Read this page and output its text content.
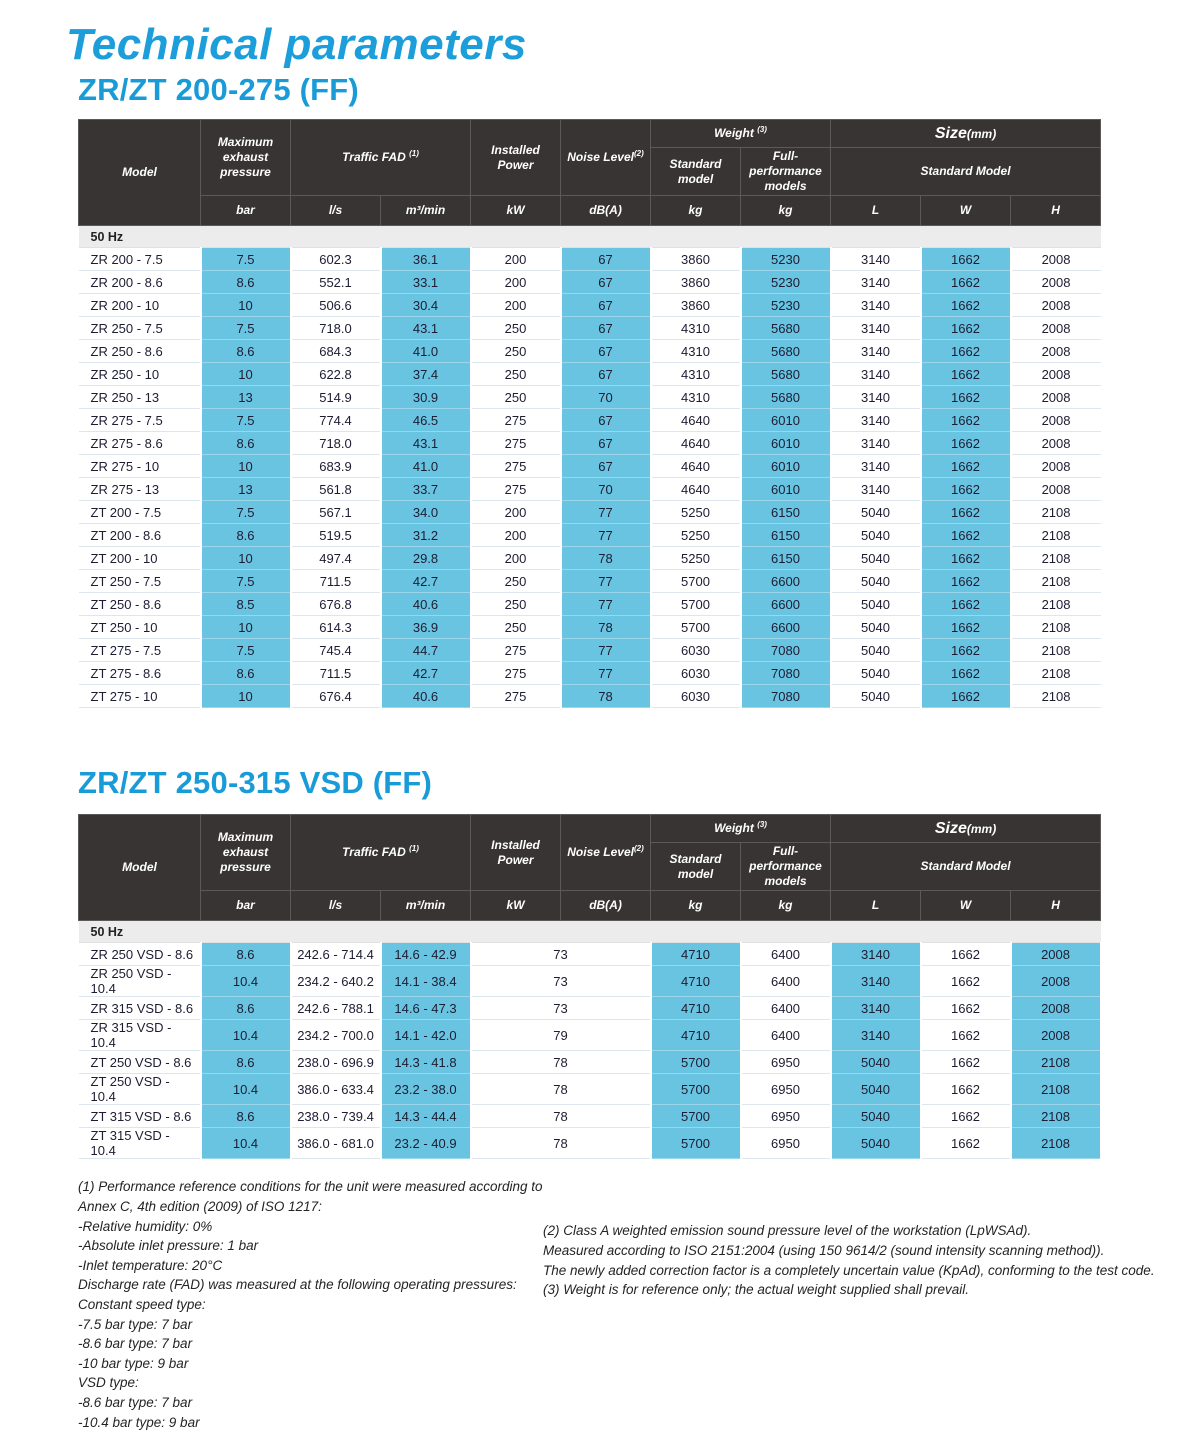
Technical parameters
ZR/ZT 200-275 (FF)
Model	Maximum exhaust pressure	Traffic FAD $^{(1)}$		Installed Power	Noise Level$^{(2)}$	Weight $^{(3)}$		Size(mm)		
						Standard model	Full-performance models	Standard Model		
	bar	l/s	m³/min	kW	dB(A)	kg	kg	L	W	H
50 Hz										
ZR 200 - 7.5	7.5	602.3	36.1	200	67	3860	5230	3140	1662	2008
ZR 200 - 8.6	8.6	552.1	33.1	200	67	3860	5230	3140	1662	2008
ZR 200 - 10	10	506.6	30.4	200	67	3860	5230	3140	1662	2008
ZR 250 - 7.5	7.5	718.0	43.1	250	67	4310	5680	3140	1662	2008
ZR 250 - 8.6	8.6	684.3	41.0	250	67	4310	5680	3140	1662	2008
ZR 250 - 10	10	622.8	37.4	250	67	4310	5680	3140	1662	2008
ZR 250 - 13	13	514.9	30.9	250	70	4310	5680	3140	1662	2008
ZR 275 - 7.5	7.5	774.4	46.5	275	67	4640	6010	3140	1662	2008
ZR 275 - 8.6	8.6	718.0	43.1	275	67	4640	6010	3140	1662	2008
ZR 275 - 10	10	683.9	41.0	275	67	4640	6010	3140	1662	2008
ZR 275 - 13	13	561.8	33.7	275	70	4640	6010	3140	1662	2008
ZT 200 - 7.5	7.5	567.1	34.0	200	77	5250	6150	5040	1662	2108
ZT 200 - 8.6	8.6	519.5	31.2	200	77	5250	6150	5040	1662	2108
ZT 200 - 10	10	497.4	29.8	200	78	5250	6150	5040	1662	2108
ZT 250 - 7.5	7.5	711.5	42.7	250	77	5700	6600	5040	1662	2108
ZT 250 - 8.6	8.5	676.8	40.6	250	77	5700	6600	5040	1662	2108
ZT 250 - 10	10	614.3	36.9	250	78	5700	6600	5040	1662	2108
ZT 275 - 7.5	7.5	745.4	44.7	275	77	6030	7080	5040	1662	2108
ZT 275 - 8.6	8.6	711.5	42.7	275	77	6030	7080	5040	1662	2108
ZT 275 - 10	10	676.4	40.6	275	78	6030	7080	5040	1662	2108
ZR/ZT 250-315 VSD (FF)
Model	Maximum exhaust pressure	Traffic FAD $^{(1)}$		Installed Power	Noise Level$^{(2)}$	Weight $^{(3)}$		Size(mm)		
						Standard model	Full-performance models	Standard Model		
	bar	l/s	m³/min	kW	dB(A)	kg	kg	L	W	H
50 Hz										
ZR 250 VSD - 8.6	8.6	242.6 - 714.4	14.6 - 42.9	73		4710	6400	3140	1662	2008
ZR 250 VSD - 10.4	10.4	234.2 - 640.2	14.1 - 38.4	73		4710	6400	3140	1662	2008
ZR 315 VSD - 8.6	8.6	242.6 - 788.1	14.6 - 47.3	73		4710	6400	3140	1662	2008
ZR 315 VSD - 10.4	10.4	234.2 - 700.0	14.1 - 42.0	79		4710	6400	3140	1662	2008
ZT 250 VSD - 8.6	8.6	238.0 - 696.9	14.3 - 41.8	78		5700	6950	5040	1662	2108
ZT 250 VSD - 10.4	10.4	386.0 - 633.4	23.2 - 38.0	78		5700	6950	5040	1662	2108
ZT 315 VSD - 8.6	8.6	238.0 - 739.4	14.3 - 44.4	78		5700	6950	5040	1662	2108
ZT 315 VSD - 10.4	10.4	386.0 - 681.0	23.2 - 40.9	78		5700	6950	5040	1662	2108

(1) Performance reference conditions for the unit were measured according to Annex C, 4th edition (2009) of ISO 1217:

-Relative humidity: 0%

-Absolute inlet pressure: 1 bar

-Inlet temperature: 20°C

Discharge rate (FAD) was measured at the following operating pressures:

Constant speed type:

-7.5 bar type: 7 bar

-8.6 bar type: 7 bar

-10 bar type: 9 bar

VSD type:

-8.6 bar type: 7 bar

-10.4 bar type: 9 bar

(2) Class A weighted emission sound pressure level of the workstation (LpWSAd).

Measured according to ISO 2151:2004 (using 150 9614/2 (sound intensity scanning method)).

The newly added correction factor is a completely uncertain value (KpAd), conforming to the test code.

(3) Weight is for reference only; the actual weight supplied shall prevail.
